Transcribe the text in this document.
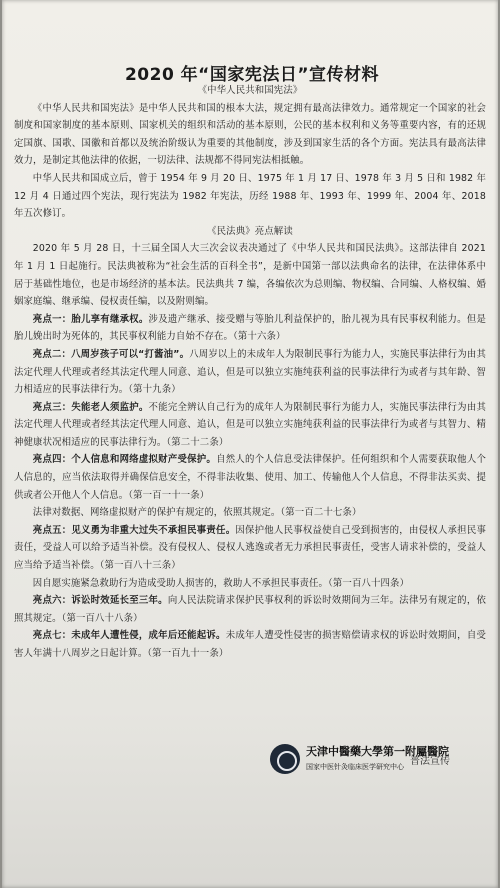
2020 年“国家宪法日”宣传材料
《中华人民共和国宪法》

《中华人民共和国宪法》是中华人民共和国的根本大法，规定拥有最高法律效力。通常规定一个国家的社会制度和国家制度的基本原则、国家机关的组织和活动的基本原则，公民的基本权利和义务等重要内容，有的还规定国旗、国歌、国徽和首都以及统治阶级认为重要的其他制度，涉及到国家生活的各个方面。宪法具有最高法律效力，是制定其他法律的依据，一切法律、法规都不得同宪法相抵触。

中华人民共和国成立后，曾于 1954 年 9 月 20 日、1975 年 1 月 17 日、1978 年 3 月 5 日和 1982 年 12 月 4 日通过四个宪法，现行宪法为 1982 年宪法，历经 1988 年、1993 年、1999 年、2004 年、2018 年五次修订。

《民法典》亮点解读

2020 年 5 月 28 日，十三届全国人大三次会议表决通过了《中华人民共和国民法典》。这部法律自 2021 年 1 月 1 日起施行。民法典被称为“社会生活的百科全书”，是新中国第一部以法典命名的法律，在法律体系中居于基础性地位，也是市场经济的基本法。民法典共 7 编，各编依次为总则编、物权编、合同编、人格权编、婚姻家庭编、继承编、侵权责任编，以及附则编。

亮点一：胎儿享有继承权。涉及遗产继承、接受赠与等胎儿利益保护的，胎儿视为具有民事权利能力。但是胎儿娩出时为死体的，其民事权利能力自始不存在。（第十六条）

亮点二：八周岁孩子可以“打酱油”。八周岁以上的未成年人为限制民事行为能力人，实施民事法律行为由其法定代理人代理或者经其法定代理人同意、追认，但是可以独立实施纯获利益的民事法律行为或者与其年龄、智力相适应的民事法律行为。（第十九条）

亮点三：失能老人须监护。不能完全辨认自己行为的成年人为限制民事行为能力人，实施民事法律行为由其法定代理人代理或者经其法定代理人同意、追认，但是可以独立实施纯获利益的民事法律行为或者与其智力、精神健康状况相适应的民事法律行为。（第二十二条）

亮点四：个人信息和网络虚拟财产受保护。自然人的个人信息受法律保护。任何组织和个人需要获取他人个人信息的，应当依法取得并确保信息安全，不得非法收集、使用、加工、传输他人个人信息，不得非法买卖、提供或者公开他人个人信息。（第一百一十一条）

法律对数据、网络虚拟财产的保护有规定的，依照其规定。（第一百二十七条）

亮点五：见义勇为非重大过失不承担民事责任。因保护他人民事权益使自己受到损害的，由侵权人承担民事责任，受益人可以给予适当补偿。没有侵权人、侵权人逃逸或者无力承担民事责任，受害人请求补偿的，受益人应当给予适当补偿。（第一百八十三条）

因自愿实施紧急救助行为造成受助人损害的，救助人不承担民事责任。（第一百八十四条）

亮点六：诉讼时效延长至三年。向人民法院请求保护民事权利的诉讼时效期间为三年。法律另有规定的，依照其规定。（第一百八十八条）

亮点七：未成年人遭性侵，成年后还能起诉。未成年人遭受性侵害的损害赔偿请求权的诉讼时效期间，自受害人年满十八周岁之日起计算。（第一百九十一条）

天津中醫藥大學第一附屬醫院
国家中医针灸临床医学研究中心 普法宣传
